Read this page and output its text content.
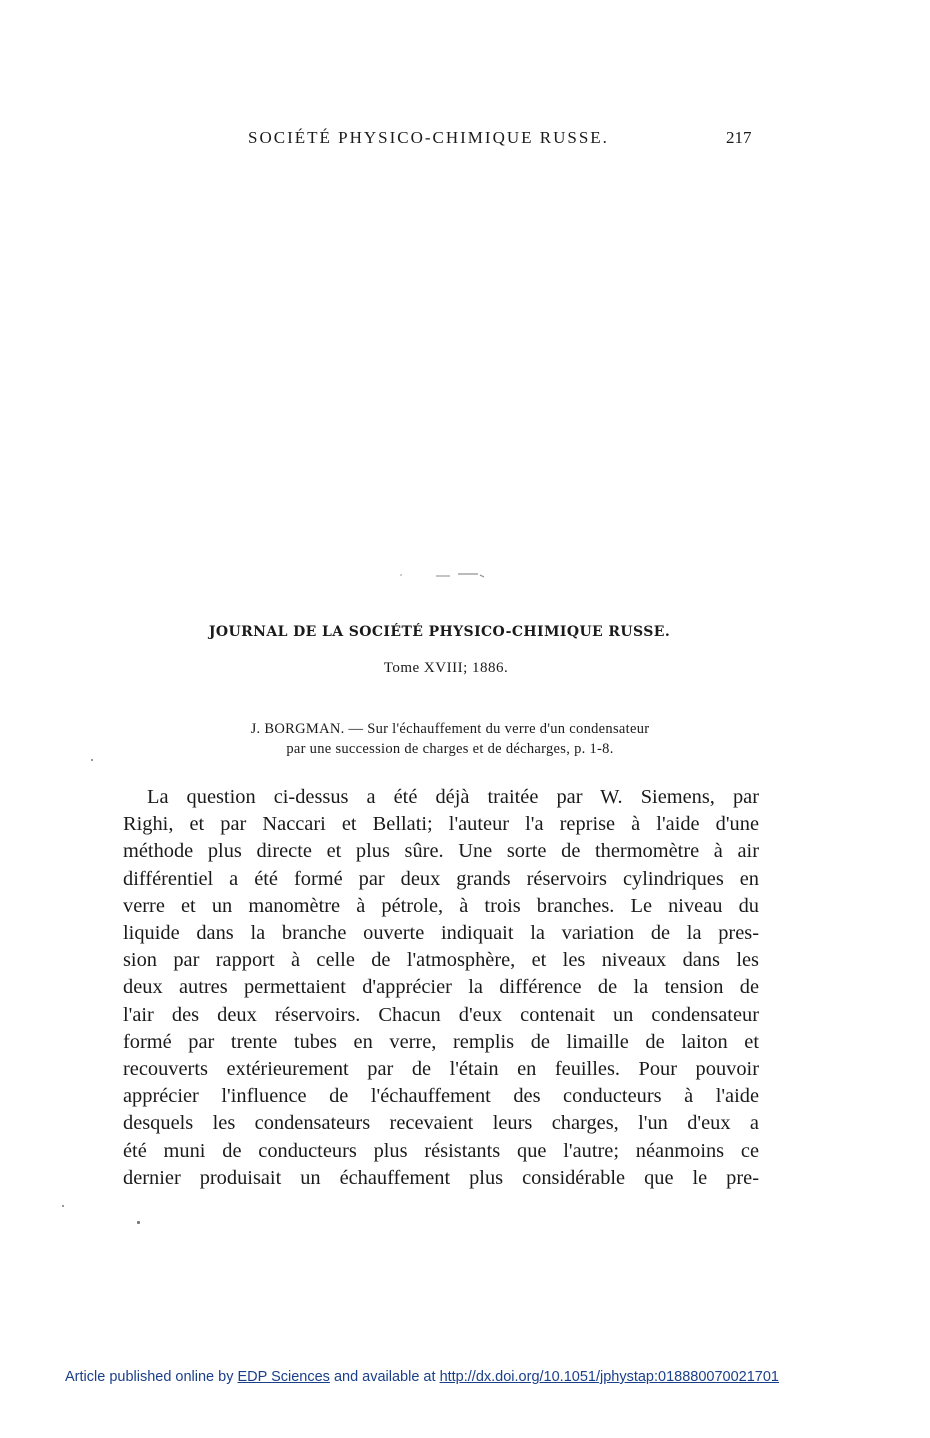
SOCIÉTÉ PHYSICO-CHIMIQUE RUSSE.	217
JOURNAL DE LA SOCIÉTÉ PHYSICO-CHIMIQUE RUSSE.
Tome XVIII; 1886.
J. BORGMAN. — Sur l'échauffement du verre d'un condensateur
par une succession de charges et de décharges, p. 1-8.
La question ci-dessus a été déjà traitée par W. Siemens, par
Righi, et par Naccari et Bellati; l'auteur l'a reprise à l'aide d'une
méthode plus directe et plus sûre. Une sorte de thermomètre à air
différentiel a été formé par deux grands réservoirs cylindriques en
verre et un manomètre à pétrole, à trois branches. Le niveau du
liquide dans la branche ouverte indiquait la variation de la pres-
sion par rapport à celle de l'atmosphère, et les niveaux dans les
deux autres permettaient d'apprécier la différence de la tension de
l'air des deux réservoirs. Chacun d'eux contenait un condensateur
formé par trente tubes en verre, remplis de limaille de laiton et
recouverts extérieurement par de l'étain en feuilles. Pour pouvoir
apprécier l'influence de l'échauffement des conducteurs à l'aide
desquels les condensateurs recevaient leurs charges, l'un d'eux a
été muni de conducteurs plus résistants que l'autre; néanmoins ce
dernier produisait un échauffement plus considérable que le pre-
Article published online by EDP Sciences and available at http://dx.doi.org/10.1051/jphystap:018880070021701
